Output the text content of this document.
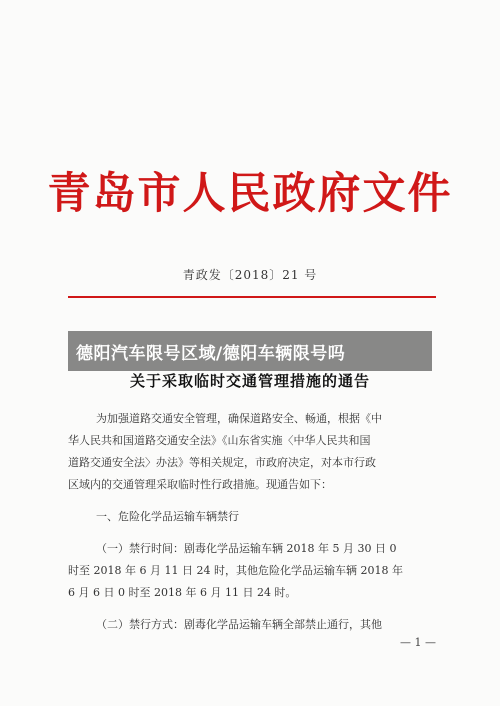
青岛市人民政府文件
青政发〔2018〕21 号
关于采取临时交通管理措施的通告
为加强道路交通安全管理，确保道路安全、畅通，根据《中
华人民共和国道路交通安全法》《山东省实施〈中华人民共和国
道路交通安全法〉办法》等相关规定，市政府决定，对本市行政
区域内的交通管理采取临时性行政措施。现通告如下：
一、危险化学品运输车辆禁行
（一）禁行时间：剧毒化学品运输车辆 2018 年 5 月 30 日 0
时至 2018 年 6 月 11 日 24 时，其他危险化学品运输车辆 2018 年
6 月 6 日 0 时至 2018 年 6 月 11 日 24 时。
（二）禁行方式：剧毒化学品运输车辆全部禁止通行，其他
— 1 —
德阳汽车限号区域/德阳车辆限号吗
